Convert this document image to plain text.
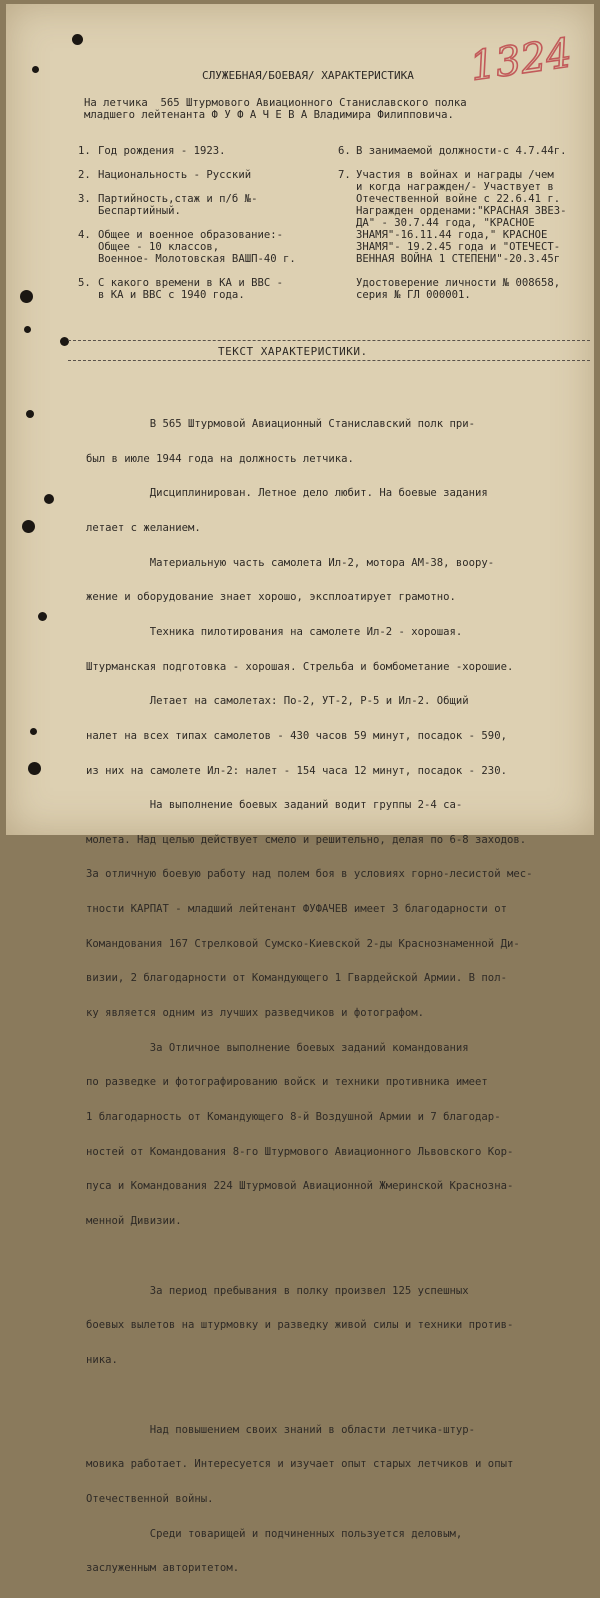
1324
СЛУЖЕБНАЯ/БОЕВАЯ/ ХАРАКТЕРИСТИКА
На летчика  565 Штурмового Авиационного Станиславского полка
младшего лейтенанта Ф У Ф А Ч Е В А Владимира Филипповича.
1. Год рождения - 1923.
2. Национальность - Русский
3. Партийность,стаж и п/б №-
Беспартийный.
4. Общее и военное образование:-
Общее - 10 классов,
Военное- Молотовская ВАШП-40 г.
5. С какого времени в КА и ВВС -
в КА и ВВС с 1940 года.
6. В занимаемой должности-с 4.7.44г.
7. Участия в войнах и награды /чем
и когда награжден/- Участвует в
Отечественной войне с 22.6.41 г.
Награжден орденами:"КРАСНАЯ ЗВЕЗ-
ДА" - 30.7.44 года, "КРАСНОЕ
ЗНАМЯ"-16.11.44 года," КРАСНОЕ
ЗНАМЯ"- 19.2.45 года и "ОТЕЧЕСТ-
ВЕННАЯ ВОЙНА 1 СТЕПЕНИ"-20.3.45г
Удостоверение личности № 008658,
серия № ГЛ 000001.
ТЕКСТ ХАРАКТЕРИСТИКИ.

В 565 Штурмовой Авиационный Станиславский полк при-

был в июле 1944 года на должность летчика.

Дисциплинирован. Летное дело любит. На боевые задания

летает с желанием.

Материальную часть самолета Ил-2, мотора АМ-38, воору-

жение и оборудование знает хорошо, эксплоатирует грамотно.

Техника пилотирования на самолете Ил-2 - хорошая.

Штурманская подготовка - хорошая. Стрельба и бомбометание -хорошие.

Летает на самолетах: По-2, УТ-2, Р-5 и Ил-2. Общий

налет на всех типах самолетов - 430 часов 59 минут, посадок - 590,

из них на самолете Ил-2: налет - 154 часа 12 минут, посадок - 230.

На выполнение боевых заданий водит группы 2-4 са-

молета. Над целью действует смело и решительно, делая по 6-8 заходов.

За отличную боевую работу над полем боя в условиях горно-лесистой мес-

тности КАРПАТ - младший лейтенант ФУФАЧЕВ имеет 3 благодарности от

Командования 167 Стрелковой Сумско-Киевской 2-ды Краснознаменной Ди-

визии, 2 благодарности от Командующего 1 Гвардейской Армии. В пол-

ку является одним из лучших разведчиков и фотографом.

За Отличное выполнение боевых заданий командования

по разведке и фотографированию войск и техники противника имеет

1 благодарность от Командующего 8-й Воздушной Армии и 7 благодар-

ностей от Командования 8-го Штурмового Авиационного Львовского Кор-

пуса и Командования 224 Штурмовой Авиационной Жмеринской Краснозна-

менной Дивизии.

За период пребывания в полку произвел 125 успешных

боевых вылетов на штурмовку и разведку живой силы и техники против-

ника.

Над повышением своих знаний в области летчика-штур-

мовика работает. Интересуется и изучает опыт старых летчиков и опыт

Отечественной войны.

Среди товарищей и подчиненных пользуется деловым,

заслуженным авторитетом.
